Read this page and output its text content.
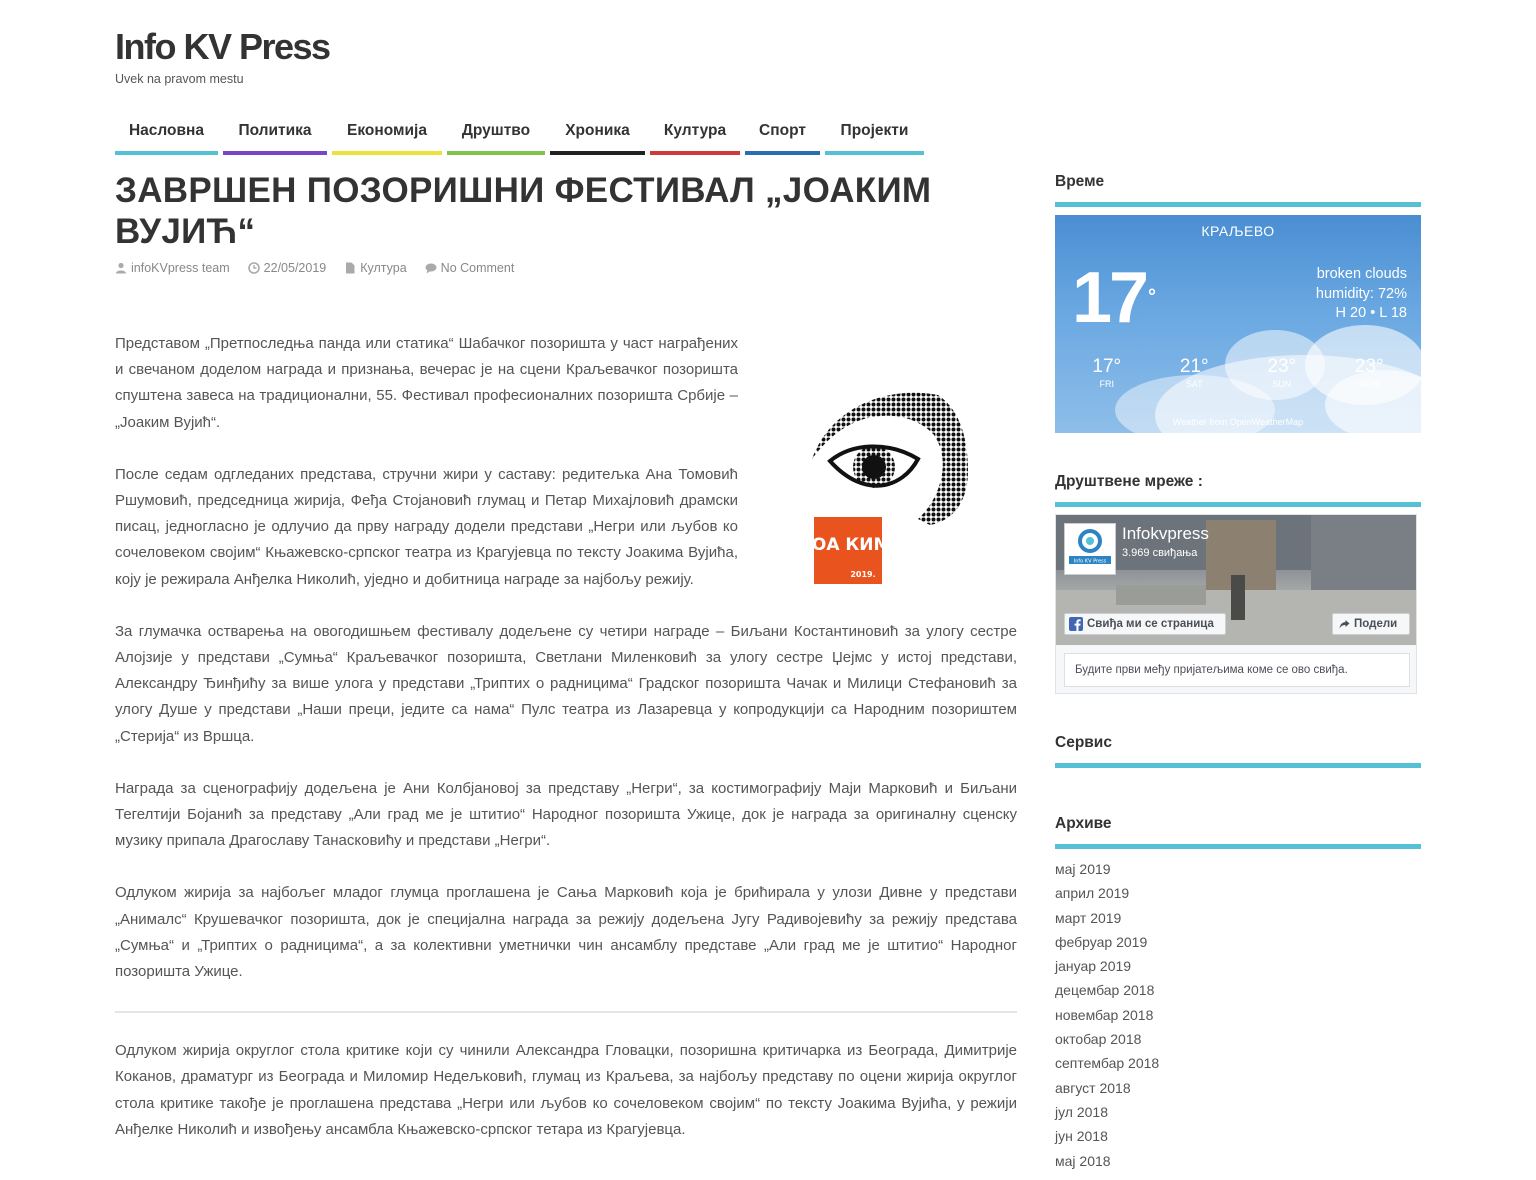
Info KV Press
Uvek na pravom mestu
Насловна	Политика	Економија	Друштво	Хроника	Култура	Спорт	Пројекти
ЗАВРШЕН ПОЗОРИШНИ ФЕСТИВАЛ „ЈОАКИМ ВУЈИЋ“
infoKVpress team	22/05/2019	Култура	No Comment
ЈОА КИМ
2019.

Представом „Претпоследња панда или статика“ Шабачког позоришта у част награђених и свечаном доделом награда и признања, вечерас је на сцени Краљевачког позоришта спуштена завеса на традиционални, 55. Фестивал професионалних позоришта Србије – „Јоаким Вујић“.

После седам одгледаних представа, стручни жири у саставу: редитељка Ана Томовић Ршумовић, председница жирија, Феђа Стојановић глумац и Петар Михајловић драмски писац, једногласно је одлучио да прву награду додели представи „Негри или љубов ко сочеловеком својим“ Књажевско-српског театра из Крагујевца по тексту Јоакима Вујића, коју је режирала Анђелка Николић, уједно и добитница награде за најбољу режију.

За глумачка остварења на овогодишњем фестивалу додељене су четири награде – Биљани Костантиновић за улогу сестре Алојзије у представи „Сумња“ Краљевачког позоришта, Светлани Миленковић за улогу сестре Џејмс у истој представи, Александру Ђинђићу за више улога у представи „Триптих о радницима“ Градског позоришта Чачак и Милици Стефановић за улогу Душе у представи „Наши преци, једите са нама“ Пулс театра из Лазаревца у копродукцији са Народним позориштем „Стерија“ из Вршца.

Награда за сценографију додељена је Ани Колбјановој за представу „Негри“, за костимографију Маји Марковић и Биљани Тегелтији Бојанић за представу „Али град ме је штитио“ Народног позоришта Ужице, док је награда за оригиналну сценску музику припала Драгославу Танасковићу и представи „Негри“.

Одлуком жирија за најбољег младог глумца проглашена је Сања Марковић која је брићирала у улози Дивне у представи „Анималс“ Крушевачког позоришта, док је специјална награда за режију додељена Југу Радивојевићу за режију представа „Сумња“ и „Триптих о радницима“, а за колективни уметнички чин ансамблу представе „Али град ме је штитио“ Народног позоришта Ужице.

Одлуком жирија округлог стола критике који су чинили Александра Гловацки, позоришна критичарка из Београда, Димитрије Коканов, драматург из Београда и Миломир Недељковић, глумац из Краљева, за најбољу представу по оцени жирија округлог стола критике такође је проглашена представа „Негри или љубов ко сочеловеком својим“ по тексту Јоакима Вујића, у режији Анђелке Николић и извођењу ансамбла Књажевско-српског тетара из Крагујевца.

Време
КРАЉЕВО
17 °
broken clouds
humidity: 72%
H 20 • L 18
17°
FRI
21°
SAT
23°
SUN
23°
MON
Weather from OpenWeatherMap
Друштвене мреже :
Info KV Press
Infokvpress
3.969 свиђања
Свиђа ми се страница	Подели
Будите први међу пријатељима коме се ово свиђа.
Сервис
Архиве
мај 2019
април 2019
март 2019
фебруар 2019
јануар 2019
децембар 2018
новембар 2018
октобар 2018
септембар 2018
август 2018
јул 2018
јун 2018
мај 2018
